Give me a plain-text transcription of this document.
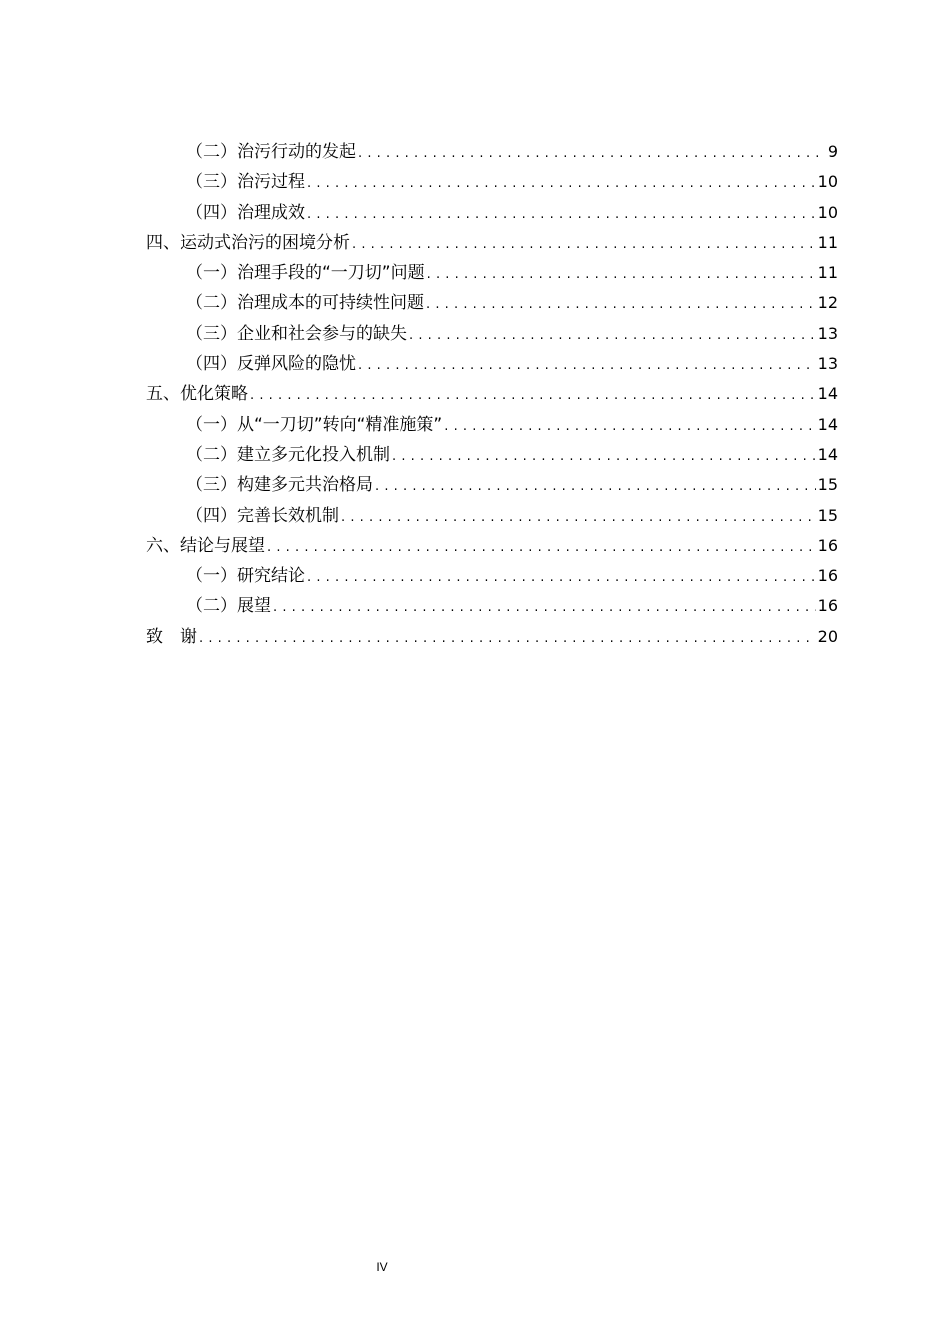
（二）治污行动的发起 .....	9
（三）治污过程 .....	10
（四）治理成效 .....	10
四、运动式治污的困境分析 .....	11
（一）治理手段的“一刀切”问题 .....	11
（二）治理成本的可持续性问题 .....	12
（三）企业和社会参与的缺失 .....	13
（四）反弹风险的隐忧 .....	13
五、优化策略 .....	14
（一）从“一刀切”转向“精准施策” .....	14
（二）建立多元化投入机制 .....	14
（三）构建多元共治格局 .....	15
（四）完善长效机制 .....	15
六、结论与展望 .....	16
（一）研究结论 .....	16
（二）展望 .....	16
致　谢 .....	20
IV
